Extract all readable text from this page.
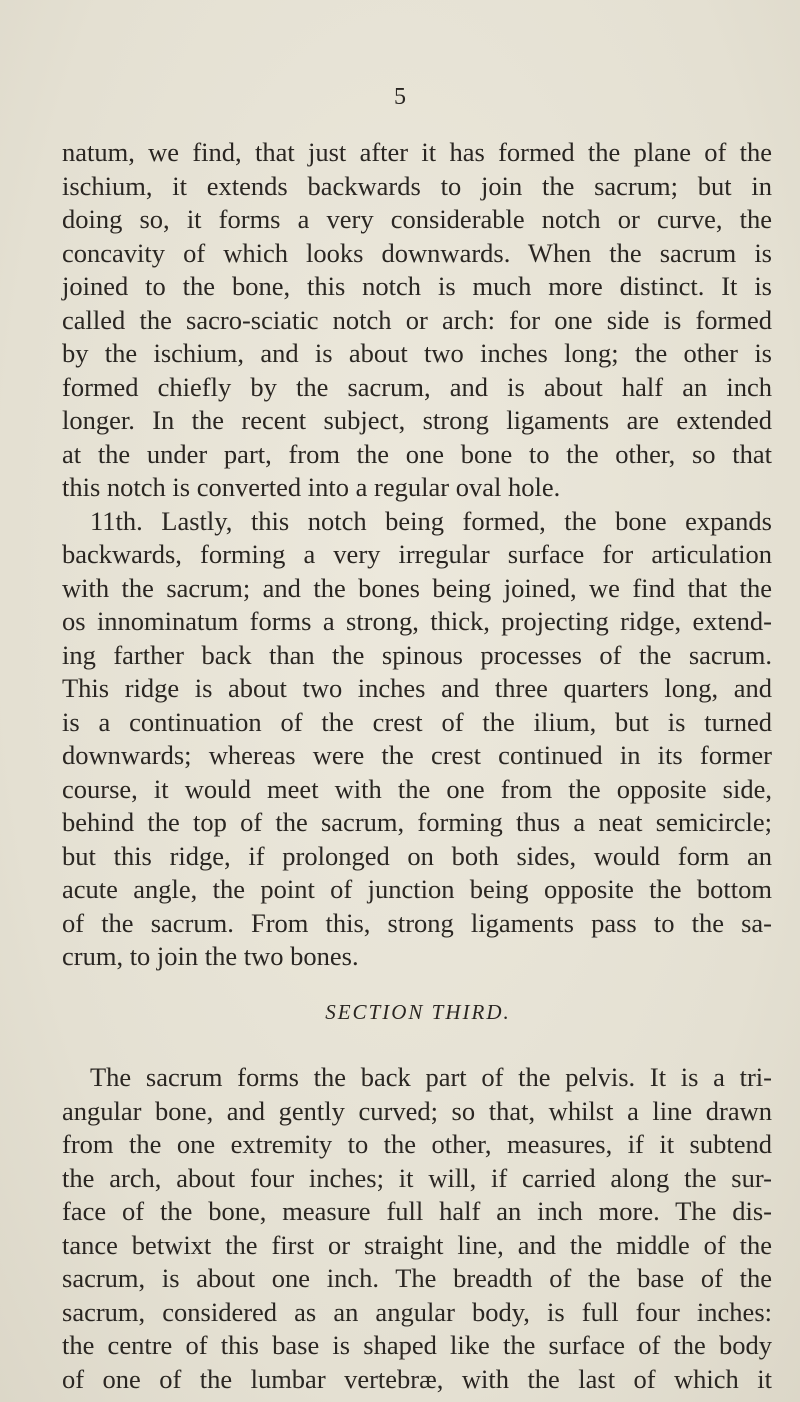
5
natum, we find, that just after it has formed the plane of the
ischium, it extends backwards to join the sacrum; but in
doing so, it forms a very considerable notch or curve, the
concavity of which looks downwards. When the sacrum is
joined to the bone, this notch is much more distinct. It is
called the sacro-sciatic notch or arch: for one side is formed
by the ischium, and is about two inches long; the other is
formed chiefly by the sacrum, and is about half an inch
longer. In the recent subject, strong ligaments are extended
at the under part, from the one bone to the other, so that
this notch is converted into a regular oval hole.
11th. Lastly, this notch being formed, the bone expands
backwards, forming a very irregular surface for articulation
with the sacrum; and the bones being joined, we find that the
os innominatum forms a strong, thick, projecting ridge, extend-
ing farther back than the spinous processes of the sacrum.
This ridge is about two inches and three quarters long, and
is a continuation of the crest of the ilium, but is turned
downwards; whereas were the crest continued in its former
course, it would meet with the one from the opposite side,
behind the top of the sacrum, forming thus a neat semicircle;
but this ridge, if prolonged on both sides, would form an
acute angle, the point of junction being opposite the bottom
of the sacrum. From this, strong ligaments pass to the sa-
crum, to join the two bones.
SECTION THIRD.
The sacrum forms the back part of the pelvis. It is a tri-
angular bone, and gently curved; so that, whilst a line drawn
from the one extremity to the other, measures, if it subtend
the arch, about four inches; it will, if carried along the sur-
face of the bone, measure full half an inch more. The dis-
tance betwixt the first or straight line, and the middle of the
sacrum, is about one inch. The breadth of the base of the
sacrum, considered as an angular body, is full four inches:
the centre of this base is shaped like the surface of the body
of one of the lumbar vertebræ, with the last of which it
